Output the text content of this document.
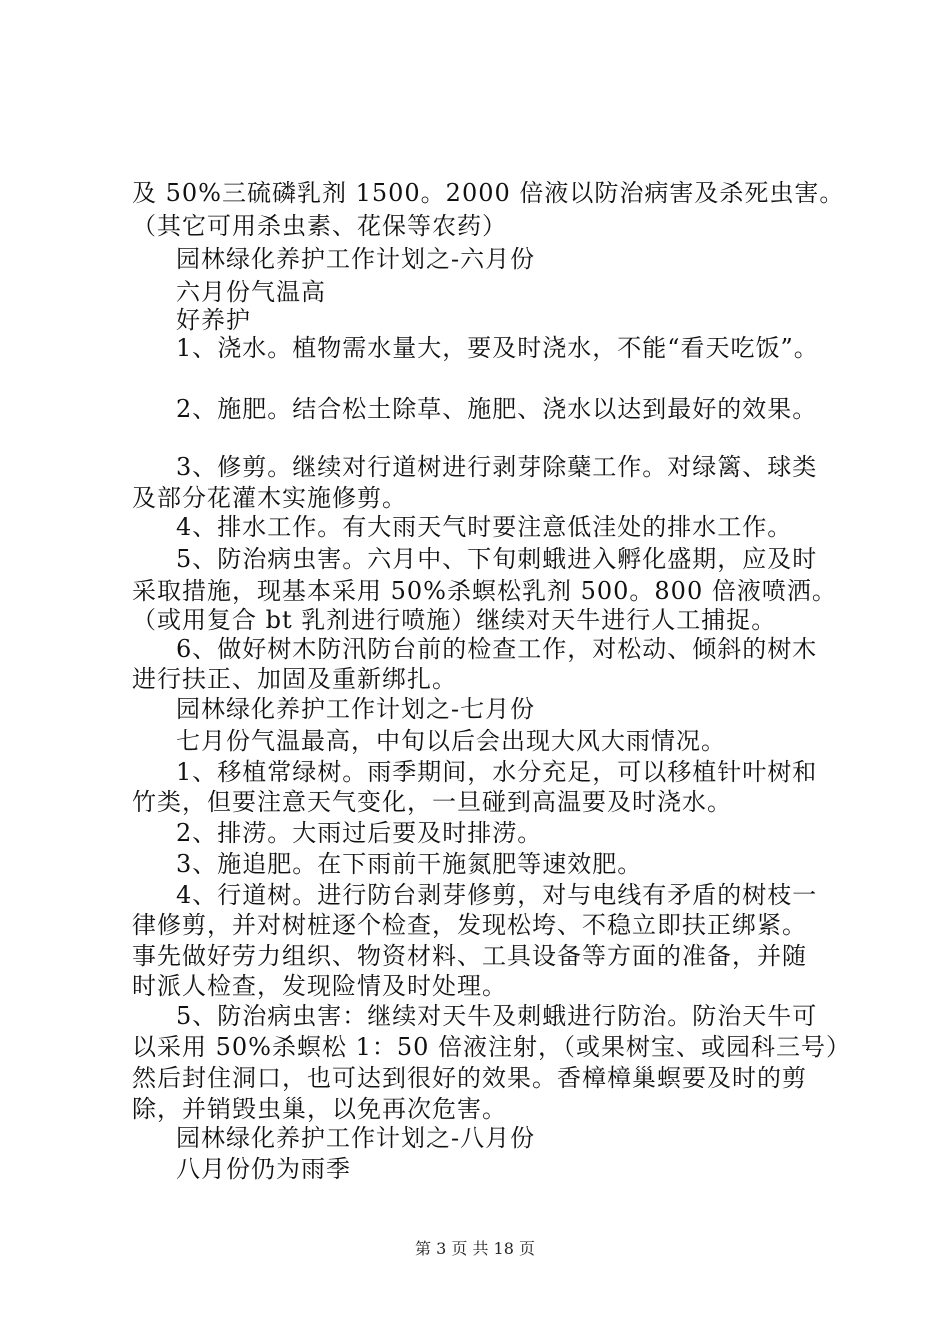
及 50%三硫磷乳剂 1500。2000 倍液以防治病害及杀死虫害。
（其它可用杀虫素、花保等农药）
园林绿化养护工作计划之-六月份
六月份气温高
好养护
1、浇水。植物需水量大，要及时浇水，不能“看天吃饭”。
2、施肥。结合松土除草、施肥、浇水以达到最好的效果。
3、修剪。继续对行道树进行剥芽除蘖工作。对绿篱、球类
及部分花灌木实施修剪。
4、排水工作。有大雨天气时要注意低洼处的排水工作。
5、防治病虫害。六月中、下旬刺蛾进入孵化盛期，应及时
采取措施，现基本采用 50%杀螟松乳剂 500。800 倍液喷洒。
（或用复合 bt 乳剂进行喷施）继续对天牛进行人工捕捉。
6、做好树木防汛防台前的检查工作，对松动、倾斜的树木
进行扶正、加固及重新绑扎。
园林绿化养护工作计划之-七月份
七月份气温最高，中旬以后会出现大风大雨情况。
1、移植常绿树。雨季期间，水分充足，可以移植针叶树和
竹类，但要注意天气变化，一旦碰到高温要及时浇水。
2、排涝。大雨过后要及时排涝。
3、施追肥。在下雨前干施氮肥等速效肥。
4、行道树。进行防台剥芽修剪，对与电线有矛盾的树枝一
律修剪，并对树桩逐个检查，发现松垮、不稳立即扶正绑紧。
事先做好劳力组织、物资材料、工具设备等方面的准备，并随
时派人检查，发现险情及时处理。
5、防治病虫害：继续对天牛及刺蛾进行防治。防治天牛可
以采用 50%杀螟松 1：50 倍液注射，（或果树宝、或园科三号）
然后封住洞口，也可达到很好的效果。香樟樟巢螟要及时的剪
除，并销毁虫巢，以免再次危害。
园林绿化养护工作计划之-八月份
八月份仍为雨季
第 3 页 共 18 页
